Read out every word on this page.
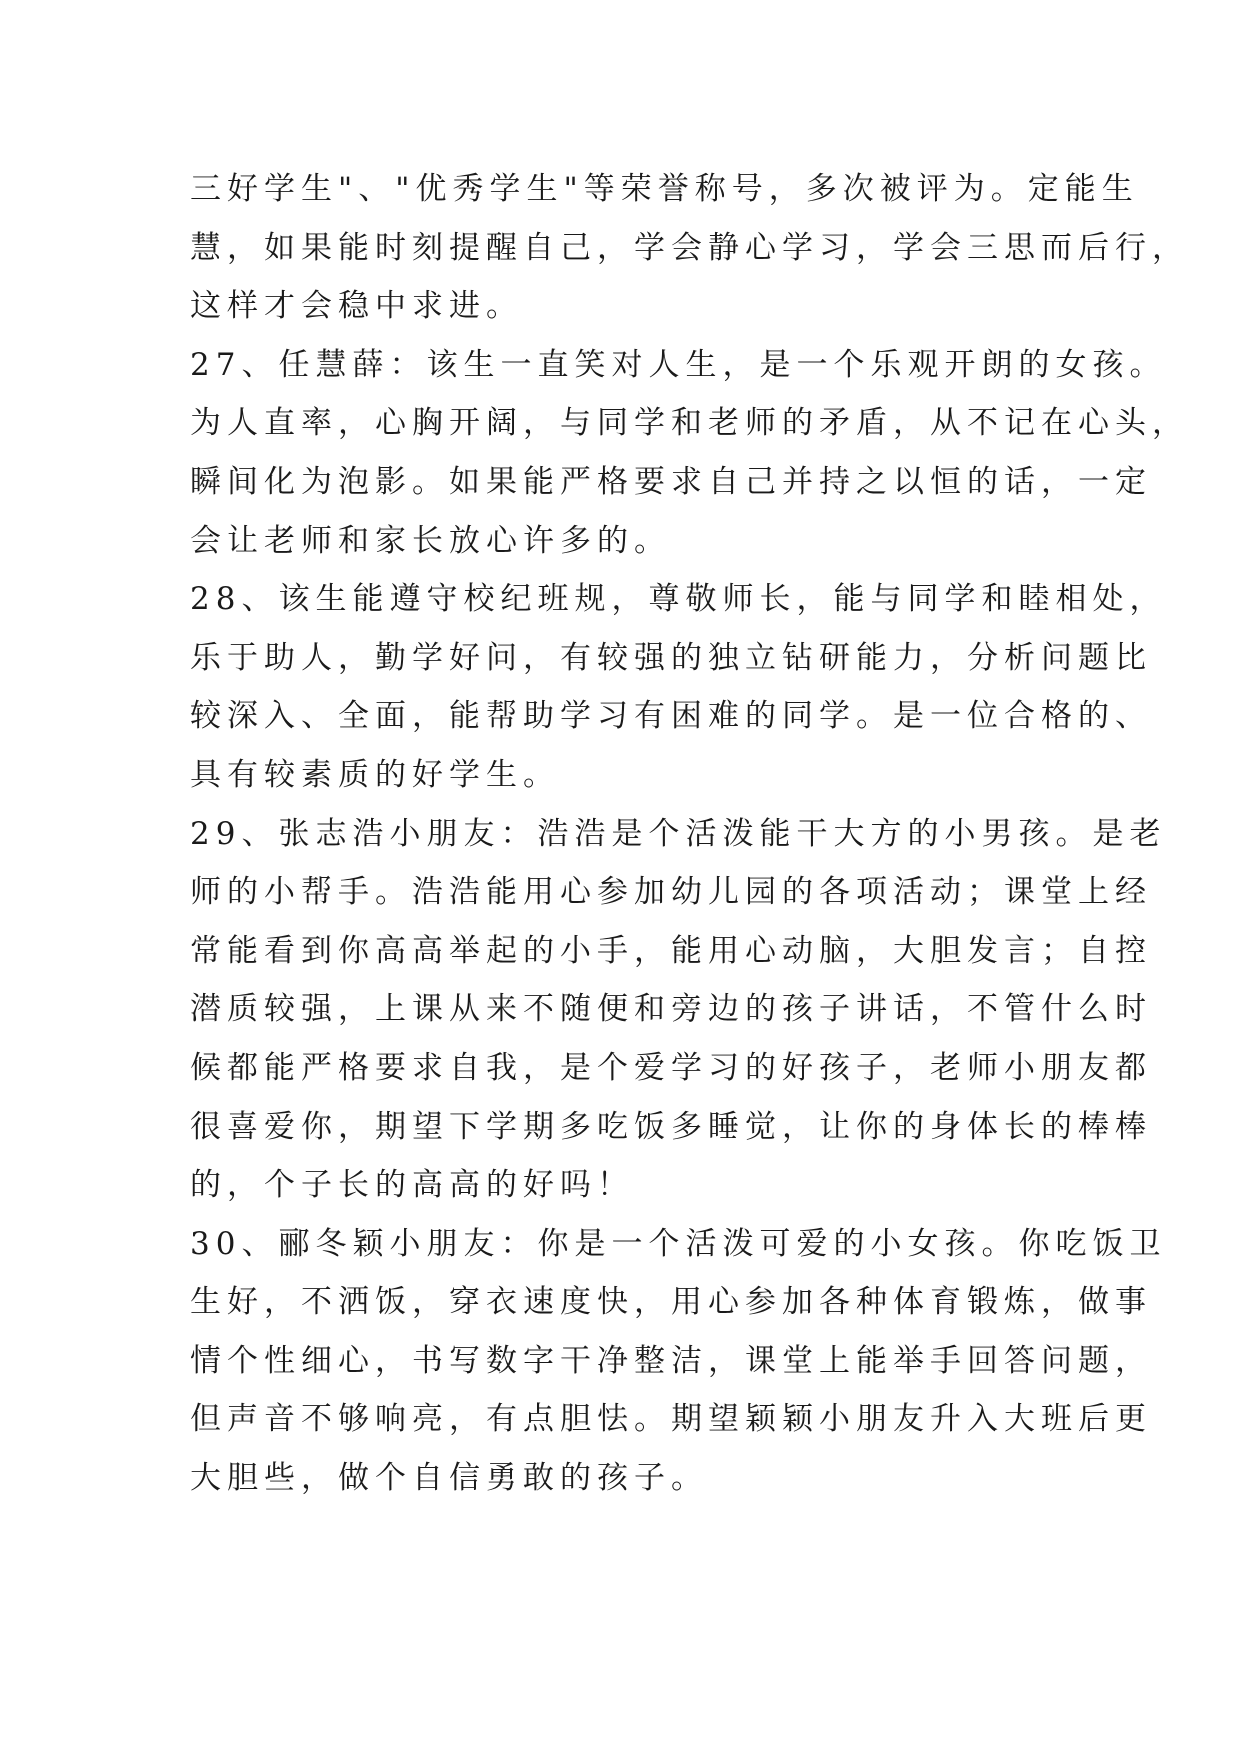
三好学生"、"优秀学生"等荣誉称号，多次被评为。定能生
慧，如果能时刻提醒自己，学会静心学习，学会三思而后行，
这样才会稳中求进。
27、任慧薛：该生一直笑对人生，是一个乐观开朗的女孩。
为人直率，心胸开阔，与同学和老师的矛盾，从不记在心头，
瞬间化为泡影。如果能严格要求自己并持之以恒的话，一定
会让老师和家长放心许多的。
28、该生能遵守校纪班规，尊敬师长，能与同学和睦相处，
乐于助人，勤学好问，有较强的独立钻研能力，分析问题比
较深入、全面，能帮助学习有困难的同学。是一位合格的、
具有较素质的好学生。
29、张志浩小朋友：浩浩是个活泼能干大方的小男孩。是老
师的小帮手。浩浩能用心参加幼儿园的各项活动；课堂上经
常能看到你高高举起的小手，能用心动脑，大胆发言；自控
潜质较强，上课从来不随便和旁边的孩子讲话，不管什么时
候都能严格要求自我，是个爱学习的好孩子，老师小朋友都
很喜爱你，期望下学期多吃饭多睡觉，让你的身体长的棒棒
的，个子长的高高的好吗！
30、郦冬颖小朋友：你是一个活泼可爱的小女孩。你吃饭卫
生好，不洒饭，穿衣速度快，用心参加各种体育锻炼，做事
情个性细心，书写数字干净整洁，课堂上能举手回答问题，
但声音不够响亮，有点胆怯。期望颖颖小朋友升入大班后更
大胆些，做个自信勇敢的孩子。
